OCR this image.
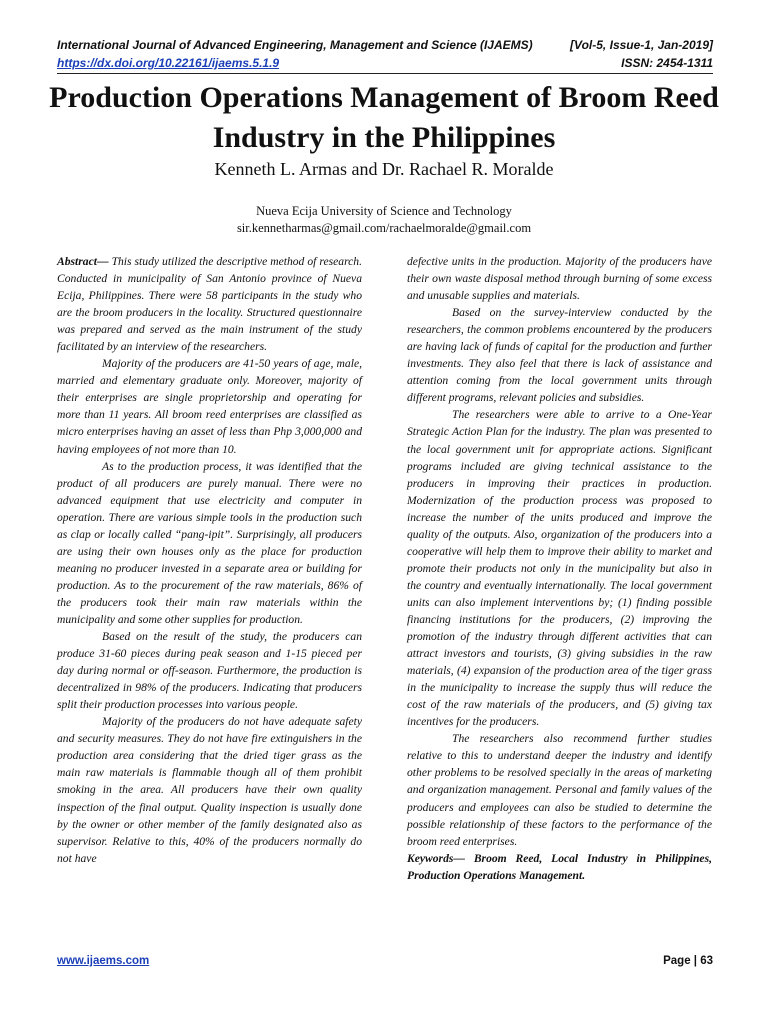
International Journal of Advanced Engineering, Management and Science (IJAEMS)	[Vol-5, Issue-1, Jan-2019]
https://dx.doi.org/10.22161/ijaems.5.1.9	ISSN: 2454-1311
Production Operations Management of Broom Reed Industry in the Philippines
Kenneth L. Armas and Dr. Rachael R. Moralde
Nueva Ecija University of Science and Technology
sir.kennetharmas@gmail.com/rachaelmoralde@gmail.com

Abstract— This study utilized the descriptive method of research. Conducted in municipality of San Antonio province of Nueva Ecija, Philippines. There were 58 participants in the study who are the broom producers in the locality. Structured questionnaire was prepared and served as the main instrument of the study facilitated by an interview of the researchers.

Majority of the producers are 41-50 years of age, male, married and elementary graduate only. Moreover, majority of their enterprises are single proprietorship and operating for more than 11 years. All broom reed enterprises are classified as micro enterprises having an asset of less than Php 3,000,000 and having employees of not more than 10.

As to the production process, it was identified that the product of all producers are purely manual. There were no advanced equipment that use electricity and computer in operation. There are various simple tools in the production such as clap or locally called “pang-ipit”. Surprisingly, all producers are using their own houses only as the place for production meaning no producer invested in a separate area or building for production. As to the procurement of the raw materials, 86% of the producers took their main raw materials within the municipality and some other supplies for production.

Based on the result of the study, the producers can produce 31-60 pieces during peak season and 1-15 pieced per day during normal or off-season. Furthermore, the production is decentralized in 98% of the producers. Indicating that producers split their production processes into various people.

Majority of the producers do not have adequate safety and security measures. They do not have fire extinguishers in the production area considering that the dried tiger grass as the main raw materials is flammable though all of them prohibit smoking in the area. All producers have their own quality inspection of the final output. Quality inspection is usually done by the owner or other member of the family designated also as supervisor. Relative to this, 40% of the producers normally do not have

defective units in the production. Majority of the producers have their own waste disposal method through burning of some excess and unusable supplies and materials.

Based on the survey-interview conducted by the researchers, the common problems encountered by the producers are having lack of funds of capital for the production and further investments. They also feel that there is lack of assistance and attention coming from the local government units through different programs, relevant policies and subsidies.

The researchers were able to arrive to a One-Year Strategic Action Plan for the industry. The plan was presented to the local government unit for appropriate actions. Significant programs included are giving technical assistance to the producers in improving their practices in production. Modernization of the production process was proposed to increase the number of the units produced and improve the quality of the outputs. Also, organization of the producers into a cooperative will help them to improve their ability to market and promote their products not only in the municipality but also in the country and eventually internationally. The local government units can also implement interventions by; (1) finding possible financing institutions for the producers, (2) improving the promotion of the industry through different activities that can attract investors and tourists, (3) giving subsidies in the raw materials, (4) expansion of the production area of the tiger grass in the municipality to increase the supply thus will reduce the cost of the raw materials of the producers, and (5) giving tax incentives for the producers.

The researchers also recommend further studies relative to this to understand deeper the industry and identify other problems to be resolved specially in the areas of marketing and organization management. Personal and family values of the producers and employees can also be studied to determine the possible relationship of these factors to the performance of the broom reed enterprises.

Keywords— Broom Reed, Local Industry in Philippines, Production Operations Management.

www.ijaems.com	Page | 63
